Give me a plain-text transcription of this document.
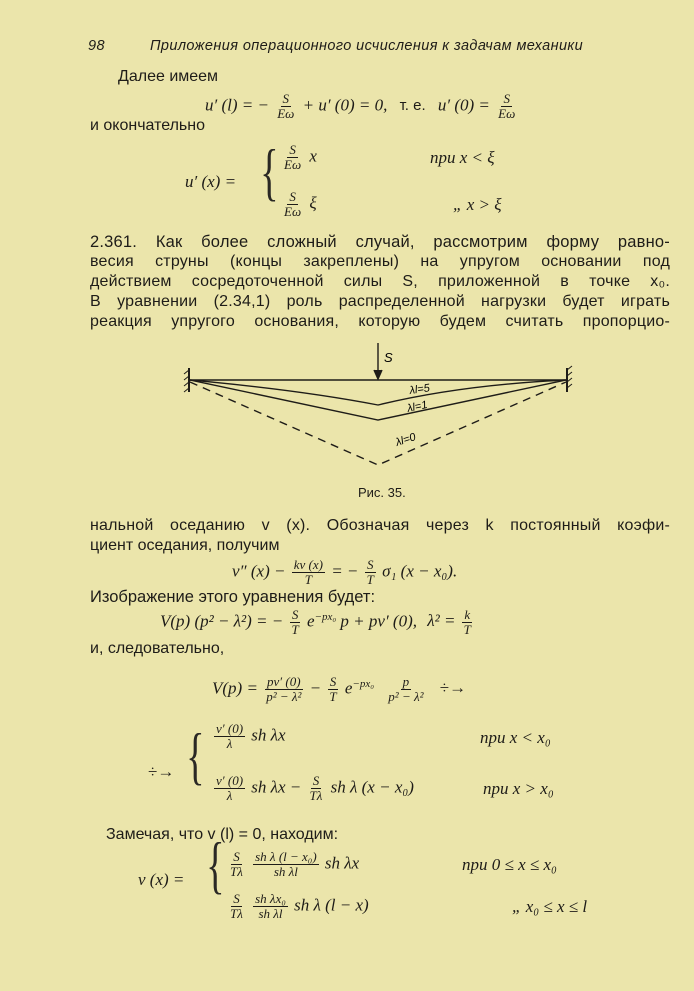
98	Приложения операционного исчисления к задачам механики
Далее имеем
u′ (l) = − $\frac{S}{E\omega} + u'$ (0) = 0, т. е. u′ $(0) = \frac{S}{E\omega}$
и окончательно
u′ (x) = { $\frac{S}{E\omega}$ x	при x < ξ
$\frac{S}{E\omega}$ ξ	„ x > ξ
2.361. Как более сложный случай, рассмотрим форму равно-
весия струны (концы закреплены) на упругом основании под
действием сосредоточенной силы S, приложенной в точке x₀.
В уравнении (2.34,1) роль распределенной нагрузки будет играть
реакция упругого основания, которую будем считать пропорцио-
S
λl=5
λl=1
λl=0
Рис. 35.
нальной оседанию v (x). Обозначая через k постоянный коэфи-
циент оседания, получим
v″ $(x) - \frac{kv (x)}{T}$ = − $\frac{S}{T} \sigma_1$ (x − x₀).
Изображение этого уравнения будет:
V(p) (p² − λ²) = − $\frac{S}{T} e^{-px_0}$ p + pv′ (0), $\lambda^2 = \frac{k}{T}$
и, следовательно,
$V(p) = \frac{pv' (0)}{\text{p² − λ²}} - \frac{S}{T} e^{-px_0} \frac{p}{\text{p² − λ²}}$ ÷→
÷→ { $\frac{v' (0)}{\lambda}$ sh λx	при x < x₀
$\frac{v' (0)}{\lambda}$ sh $\lambda x - \frac{S}{T\lambda}$ sh λ (x − x₀)	при x > x₀
Замечая, что v (l) = 0, находим:
v (x) = { $\frac{S}{T\lambda}$
$\frac{\text{sh λ (l − x₀)}}{\text{sh λl}}$ sh λx	при 0 ≤ x ≤ x₀
$\frac{S}{T\lambda}$
$\frac{\text{sh λx₀}}{\text{sh λl}}$ sh λ (l − x)	„ x₀ ≤ x ≤ l
